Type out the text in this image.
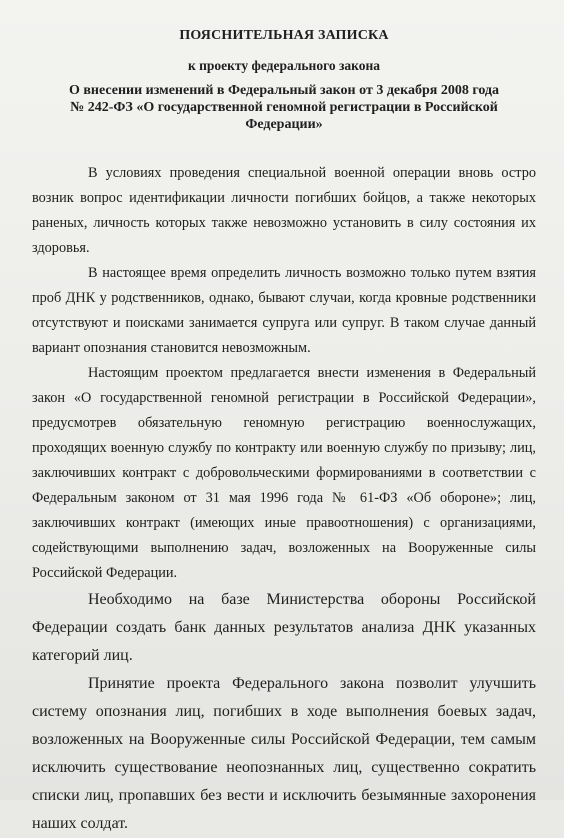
ПОЯСНИТЕЛЬНАЯ ЗАПИСКА
к проекту федерального закона
О внесении изменений в Федеральный закон от 3 декабря 2008 года
№ 242-ФЗ «О государственной геномной регистрации в Российской
Федерации»

В условиях проведения специальной военной операции вновь остро возник вопрос идентификации личности погибших бойцов, а также некоторых раненых, личность которых также невозможно установить в силу состояния их здоровья.

В настоящее время определить личность возможно только путем взятия проб ДНК у родственников, однако, бывают случаи, когда кровные родственники отсутствуют и поисками занимается супруга или супруг. В таком случае данный вариант опознания становится невозможным.

Настоящим проектом предлагается внести изменения в Федеральный закон «О государственной геномной регистрации в Российской Федерации», предусмотрев обязательную геномную регистрацию военнослужащих, проходящих военную службу по контракту или военную службу по призыву; лиц, заключивших контракт с добровольческими формированиями в соответствии с Федеральным законом от 31 мая 1996 года № 61-ФЗ «Об обороне»; лиц, заключивших контракт (имеющих иные правоотношения) с организациями, содействующими выполнению задач, возложенных на Вооруженные силы Российской Федерации.

Необходимо на базе Министерства обороны Российской Федерации создать банк данных результатов анализа ДНК указанных категорий лиц.

Принятие проекта Федерального закона позволит улучшить систему опознания лиц, погибших в ходе выполнения боевых задач, возложенных на Вооруженные силы Российской Федерации, тем самым исключить существование неопознанных лиц, существенно сократить списки лиц, пропавших без вести и исключить безымянные захоронения наших солдат.
